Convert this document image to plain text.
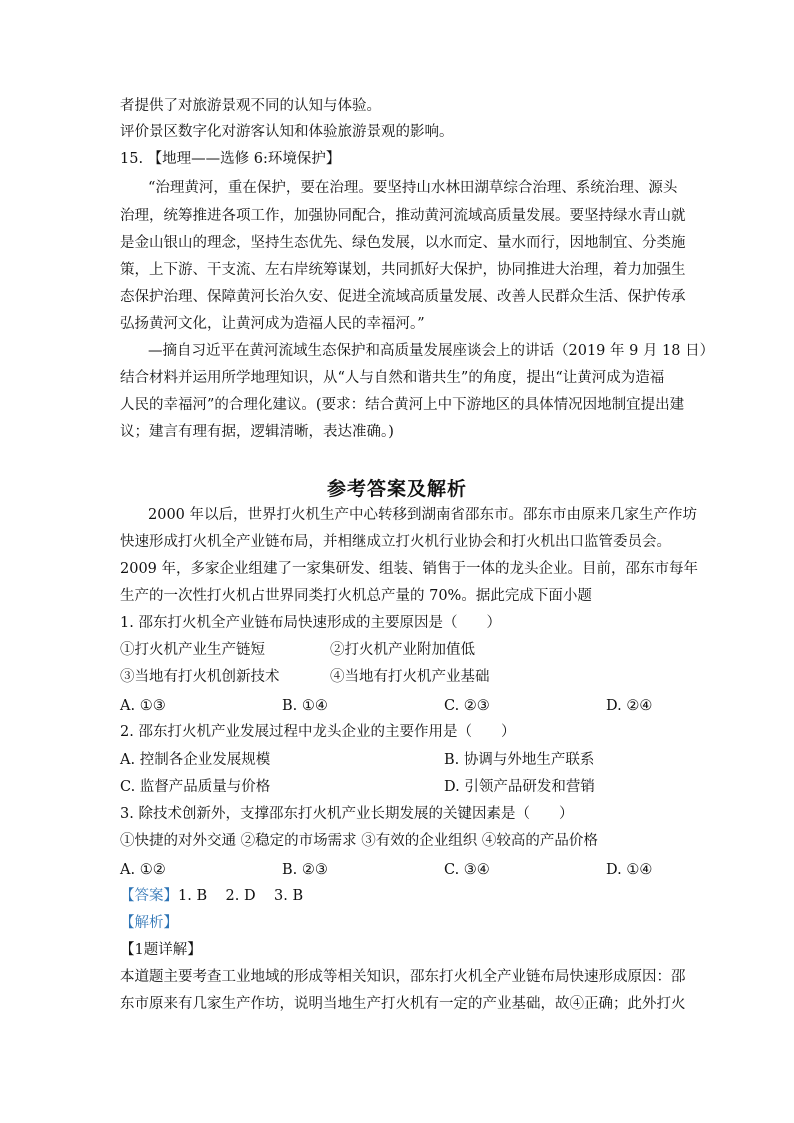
者提供了对旅游景观不同的认知与体验。
评价景区数字化对游客认知和体验旅游景观的影响。
15. 【地理——选修 6:环境保护】
“治理黄河，重在保护，要在治理。要坚持山水林田湖草综合治理、系统治理、源头
治理，统筹推进各项工作，加强协同配合，推动黄河流域高质量发展。要坚持绿水青山就
是金山银山的理念，坚持生态优先、绿色发展，以水而定、量水而行，因地制宜、分类施
策，上下游、干支流、左右岸统筹谋划，共同抓好大保护，协同推进大治理，着力加强生
态保护治理、保障黄河长治久安、促进全流域高质量发展、改善人民群众生活、保护传承
弘扬黄河文化，让黄河成为造福人民的幸福河。”
—摘自习近平在黄河流域生态保护和高质量发展座谈会上的讲话（2019 年 9 月 18 日）
结合材料并运用所学地理知识，从“人与自然和谐共生”的角度，提出“让黄河成为造福
人民的幸福河”的合理化建议。(要求：结合黄河上中下游地区的具体情况因地制宜提出建
议；建言有理有据，逻辑清晰，表达准确。)
参考答案及解析
2000 年以后，世界打火机生产中心转移到湖南省邵东市。邵东市由原来几家生产作坊
快速形成打火机全产业链布局，并相继成立打火机行业协会和打火机出口监管委员会。
2009 年，多家企业组建了一家集研发、组装、销售于一体的龙头企业。目前，邵东市每年
生产的一次性打火机占世界同类打火机总产量的 70%。据此完成下面小题
1. 邵东打火机全产业链布局快速形成的主要原因是（　　）
①打火机产业生产链短	②打火机产业附加值低
③当地有打火机创新技术	④当地有打火机产业基础
A. ①③	B. ①④	C. ②③	D. ②④
2. 邵东打火机产业发展过程中龙头企业的主要作用是（　　）
A. 控制各企业发展规模	B. 协调与外地生产联系
C. 监督产品质量与价格	D. 引领产品研发和营销
3. 除技术创新外，支撑邵东打火机产业长期发展的关键因素是（　　）
①快捷的对外交通 ②稳定的市场需求 ③有效的企业组织 ④较高的产品价格
A. ①②	B. ②③	C. ③④	D. ①④
【答案】1. B    2. D    3. B
【解析】
【1题详解】
本道题主要考查工业地域的形成等相关知识，邵东打火机全产业链布局快速形成原因：邵
东市原来有几家生产作坊，说明当地生产打火机有一定的产业基础，故④正确；此外打火
